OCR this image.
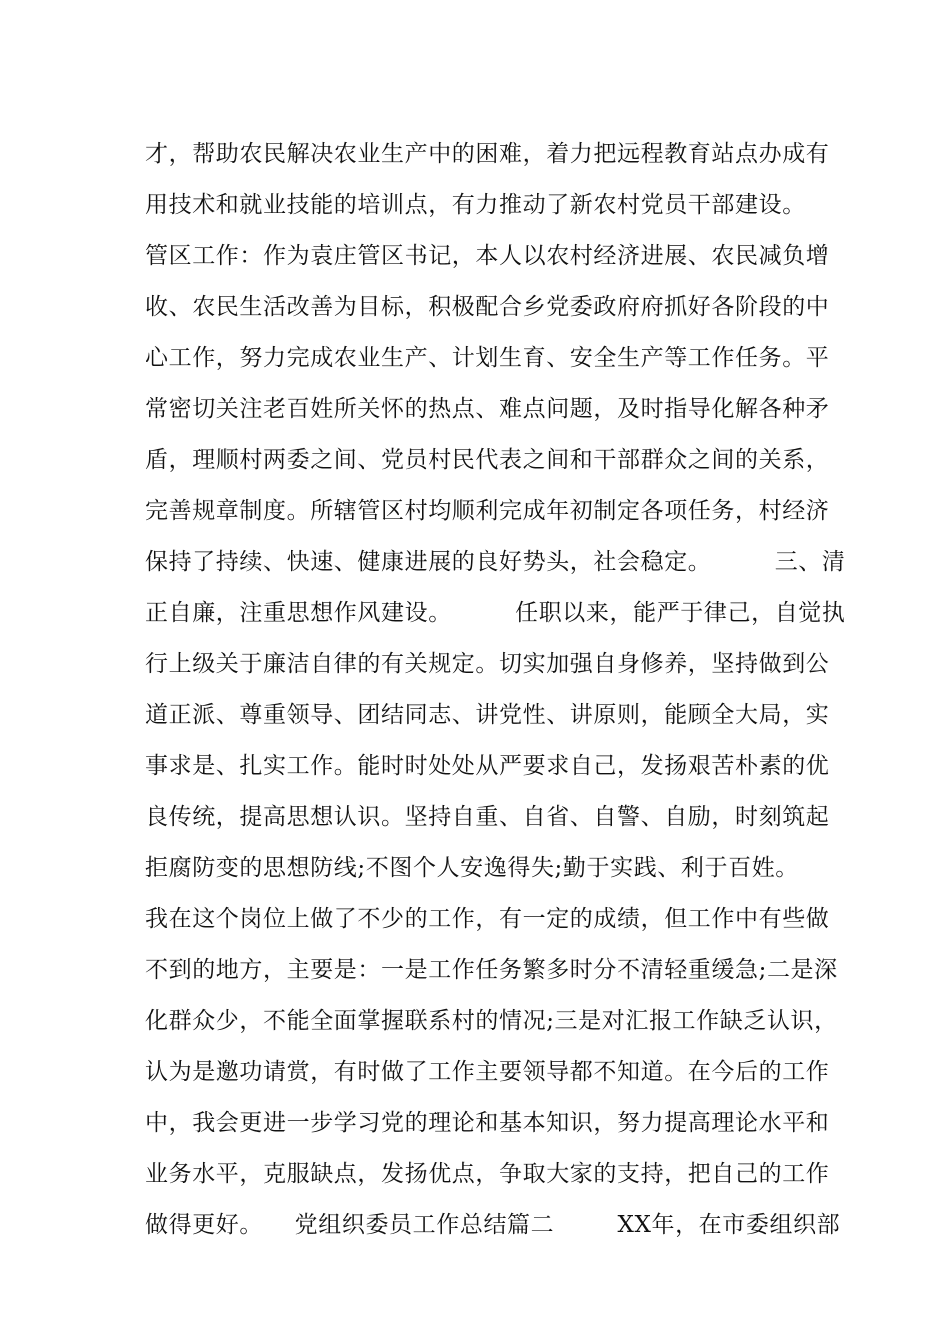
才，帮助农民解决农业生产中的困难，着力把远程教育站点办成有
用技术和就业技能的培训点，有力推动了新农村党员干部建设。
管区工作：作为袁庄管区书记，本人以农村经济进展、农民减负增
收、农民生活改善为目标，积极配合乡党委政府府抓好各阶段的中
心工作，努力完成农业生产、计划生育、安全生产等工作任务。平
常密切关注老百姓所关怀的热点、难点问题，及时指导化解各种矛
盾，理顺村两委之间、党员村民代表之间和干部群众之间的关系，
完善规章制度。所辖管区村均顺利完成年初制定各项任务，村经济
保持了持续、快速、健康进展的良好势头，社会稳定。        三、清
正自廉，注重思想作风建设。        任职以来，能严于律己，自觉执
行上级关于廉洁自律的有关规定。切实加强自身修养，坚持做到公
道正派、尊重领导、团结同志、讲党性、讲原则，能顾全大局，实
事求是、扎实工作。能时时处处从严要求自己，发扬艰苦朴素的优
良传统，提高思想认识。坚持自重、自省、自警、自励，时刻筑起
拒腐防变的思想防线;不图个人安逸得失;勤于实践、利于百姓。
我在这个岗位上做了不少的工作，有一定的成绩，但工作中有些做
不到的地方，主要是：一是工作任务繁多时分不清轻重缓急;二是深
化群众少，不能全面掌握联系村的情况;三是对汇报工作缺乏认识，
认为是邀功请赏，有时做了工作主要领导都不知道。在今后的工作
中，我会更进一步学习党的理论和基本知识，努力提高理论水平和
业务水平，克服缺点，发扬优点，争取大家的支持，把自己的工作
做得更好。    党组织委员工作总结篇二        XX年，在市委组织部
